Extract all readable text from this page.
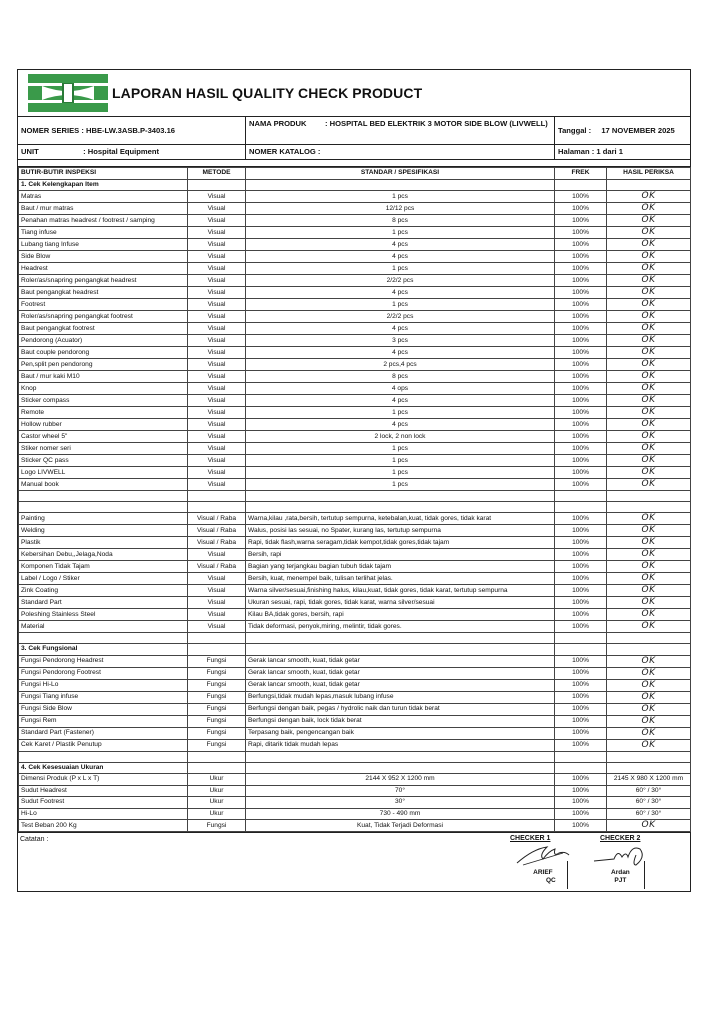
LAPORAN HASIL QUALITY CHECK PRODUCT
NOMER SERIES : HBE-LW.3ASB.P-3403.16
NAMA PRODUK	: HOSPITAL BED ELEKTRIK 3 MOTOR SIDE BLOW (LIVWELL)
Tanggal : 17 NOVEMBER 2025
UNIT	: Hospital Equipment	NOMER KATALOG :	Halaman : 1 dari 1
BUTIR-BUTIR INSPEKSI	METODE	STANDAR / SPESIFIKASI	FREK	HASIL PERIKSA
1. Cek Kelengkapan Item				
Matras	Visual	1 pcs	100%	OK
Baut / mur matras	Visual	12/12 pcs	100%	OK
Penahan matras headrest / footrest / samping	Visual	8 pcs	100%	OK
Tiang infuse	Visual	1 pcs	100%	OK
Lubang tiang Infuse	Visual	4 pcs	100%	OK
Side Blow	Visual	4 pcs	100%	OK
Headrest	Visual	1 pcs	100%	OK
Roler/as/snapring pengangkat headrest	Visual	2/2/2 pcs	100%	OK
Baut pengangkat headrest	Visual	4 pcs	100%	OK
Footrest	Visual	1 pcs	100%	OK
Roler/as/snapring pengangkat footrest	Visual	2/2/2 pcs	100%	OK
Baut pengangkat footrest	Visual	4 pcs	100%	OK
Pendorong (Acuator)	Visual	3 pcs	100%	OK
Baut couple pendorong	Visual	4 pcs	100%	OK
Pen,split pen pendorong	Visual	2 pcs,4 pcs	100%	OK
Baut / mur kaki M10	Visual	8 pcs	100%	OK
Knop	Visual	4 ops	100%	OK
Sticker compass	Visual	4 pcs	100%	OK
Remote	Visual	1 pcs	100%	OK
Hollow rubber	Visual	4 pcs	100%	OK
Castor wheel 5"	Visual	2 lock, 2 non lock	100%	OK
Stiker nomer seri	Visual	1 pcs	100%	OK
Sticker QC pass	Visual	1 pcs	100%	OK
Logo LIVWELL	Visual	1 pcs	100%	OK
Manual book	Visual	1 pcs	100%	OK

Painting	Visual / Raba	Warna,kilau ,rata,bersih, tertutup sempurna, ketebalan,kuat, tidak gores, tidak karat	100%	OK
Welding	Visual / Raba	Walus, posisi las sesuai, no Spater, kurang las, tertutup sempurna	100%	OK
Plastik	Visual / Raba	Rapi, tidak flash,warna seragam,tidak kempot,tidak gores,tidak tajam	100%	OK
Kebersihan Debu,,Jelaga,Noda	Visual	Bersih, rapi	100%	OK
Komponen Tidak Tajam	Visual / Raba	Bagian yang terjangkau bagian tubuh tidak tajam	100%	OK
Label / Logo / Stiker	Visual	Bersih, kuat, menempel baik, tulisan terlihat jelas.	100%	OK
Zink Coating	Visual	Warna silver/sesuai,finishing halus, kilau,kuat, tidak gores, tidak karat, tertutup sempurna	100%	OK
Standard Part	Visual	Ukuran sesuai, rapi, tidak gores, tidak karat, warna silver/sesuai	100%	OK
Poleshing Stainless Steel	Visual	Kilau BA,tidak gores, bersih, rapi	100%	OK
Material	Visual	Tidak deformasi, penyok,miring, melintir, tidak gores.	100%	OK

3. Cek Fungsional				
Fungsi Pendorong Headrest	Fungsi	Gerak lancar smooth, kuat, tidak getar	100%	OK
Fungsi Pendorong Footrest	Fungsi	Gerak lancar smooth, kuat, tidak getar	100%	OK
Fungsi Hi-Lo	Fungsi	Gerak lancar smooth, kuat, tidak getar	100%	OK
Fungsi Tiang infuse	Fungsi	Berfungsi,tidak mudah lepas,masuk lubang infuse	100%	OK
Fungsi Side Blow	Fungsi	Berfungsi dengan baik, pegas / hydrolic naik dan turun tidak berat	100%	OK
Fungsi Rem	Fungsi	Berfungsi dengan baik, lock tidak berat	100%	OK
Standard Part (Fastener)	Fungsi	Terpasang baik, pengencangan baik	100%	OK
Cek Karet / Plastik Penutup	Fungsi	Rapi, ditarik tidak mudah lepas	100%	OK

4. Cek Kesesuaian Ukuran				
Dimensi Produk (P x L x T)	Ukur	2144 X 952 X 1200 mm	100%	2145 X 980 X 1200 mm
Sudut Headrest	Ukur	70°	100%	60° / 30°
Sudut Footrest	Ukur	30°	100%	60° / 30°
Hi-Lo	Ukur	730 - 490 mm	100%	60° / 30°
Test Beban 200 Kg	Fungsi	Kuat, Tidak Terjadi Deformasi	100%	OK
Catatan :	CHECKER 1	CHECKER 2
ARIEF
QC
Ardan
PJT
